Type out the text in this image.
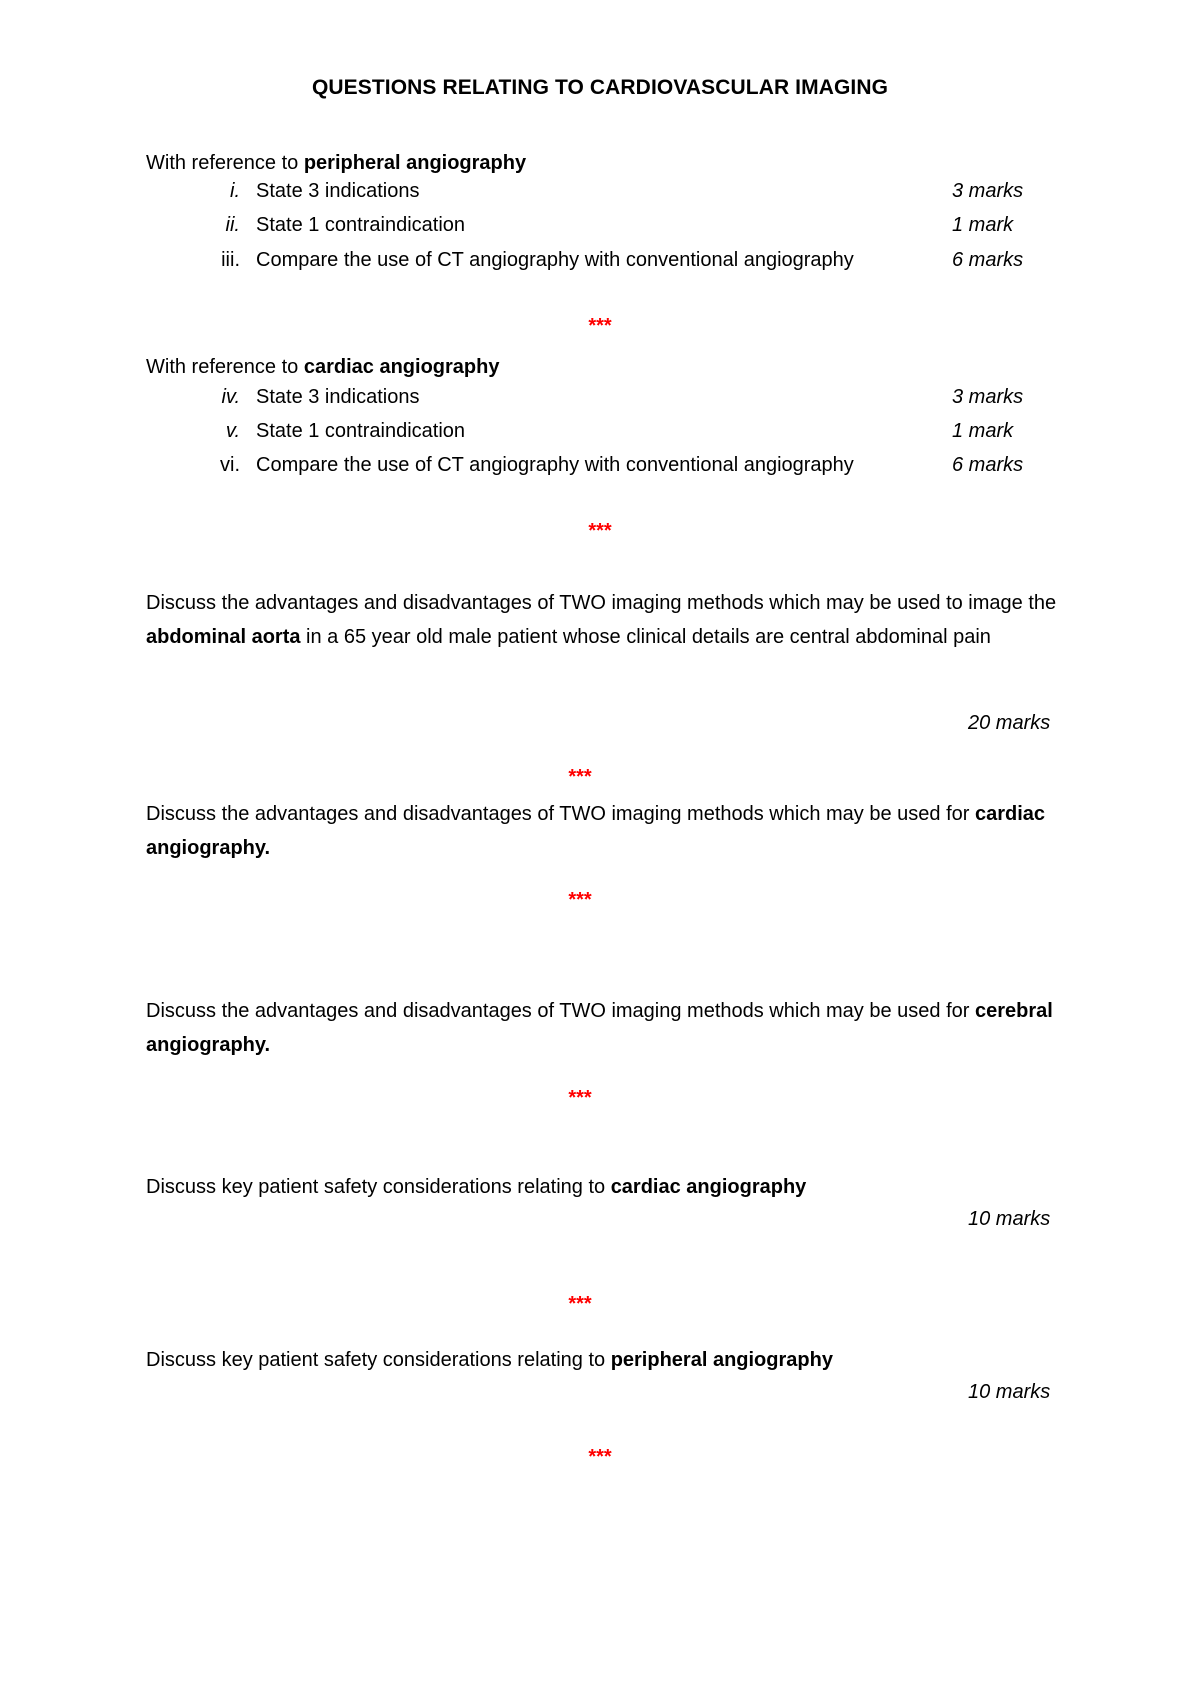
QUESTIONS RELATING TO CARDIOVASCULAR IMAGING
With reference to peripheral angiography
i. State 3 indications	3 marks
ii. State 1 contraindication	1 mark
iii. Compare the use of CT angiography with conventional angiography	6 marks
***
With reference to cardiac angiography
iv. State 3 indications	3 marks
v. State 1 contraindication	1 mark
vi. Compare the use of CT angiography with conventional angiography	6 marks
***
Discuss the advantages and disadvantages of TWO imaging methods which may be used to image the abdominal aorta in a 65 year old male patient whose clinical details are central abdominal pain
20 marks
***
Discuss the advantages and disadvantages of TWO imaging methods which may be used for cardiac angiography.
***
Discuss the advantages and disadvantages of TWO imaging methods which may be used for cerebral angiography.
***
Discuss key patient safety considerations relating to cardiac angiography
10 marks
***
Discuss key patient safety considerations relating to peripheral angiography
10 marks
***
